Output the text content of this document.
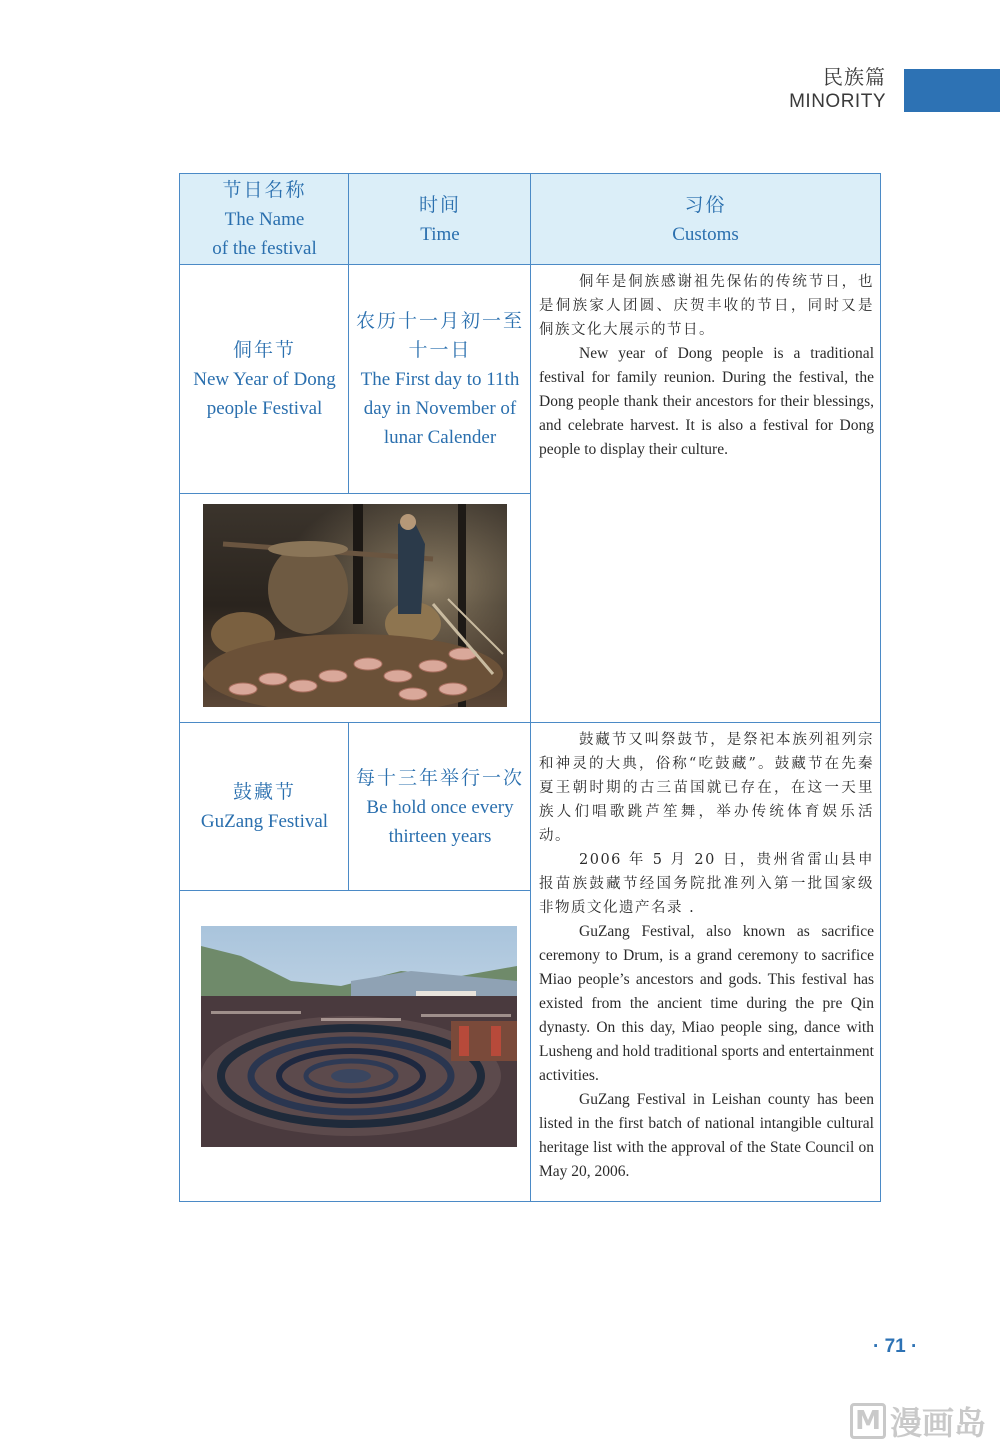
民族篇
MINORITY
节日名称
The Name
of the festival
时间
Time
习俗
Customs
侗年节
New Year of Dong
people Festival
农历十一月初一至
十一日
The First day to 11th
day in November of
lunar Calender

侗年是侗族感谢祖先保佑的传统节日，也是侗族家人团圆、庆贺丰收的节日，同时又是侗族文化大展示的节日。

New year of Dong people is a traditional festival for family reunion. During the festival, the Dong people thank their ancestors for their blessings, and celebrate harvest. It is also a festival for Dong people to display their culture.

鼓藏节
GuZang Festival
每十三年举行一次
Be hold once every
thirteen years

鼓藏节又叫祭鼓节，是祭祀本族列祖列宗和神灵的大典，俗称“吃鼓藏”。鼓藏节在先秦夏王朝时期的古三苗国就已存在，在这一天里族人们唱歌跳芦笙舞，举办传统体育娱乐活动。

2006 年 5 月 20 日，贵州省雷山县申报苗族鼓藏节经国务院批准列入第一批国家级非物质文化遗产名录 .

GuZang Festival, also known as sacrifice ceremony to Drum, is a grand ceremony to sacrifice Miao people’s ancestors and gods. This festival has existed from the ancient time during the pre Qin dynasty. On this day, Miao people sing, dance with Lusheng and hold traditional sports and entertainment activities.

GuZang Festival in Leishan county has been listed in the first batch of national intangible cultural heritage list with the approval of the State Council on May 20, 2006.

· 71 ·
M 漫画岛
